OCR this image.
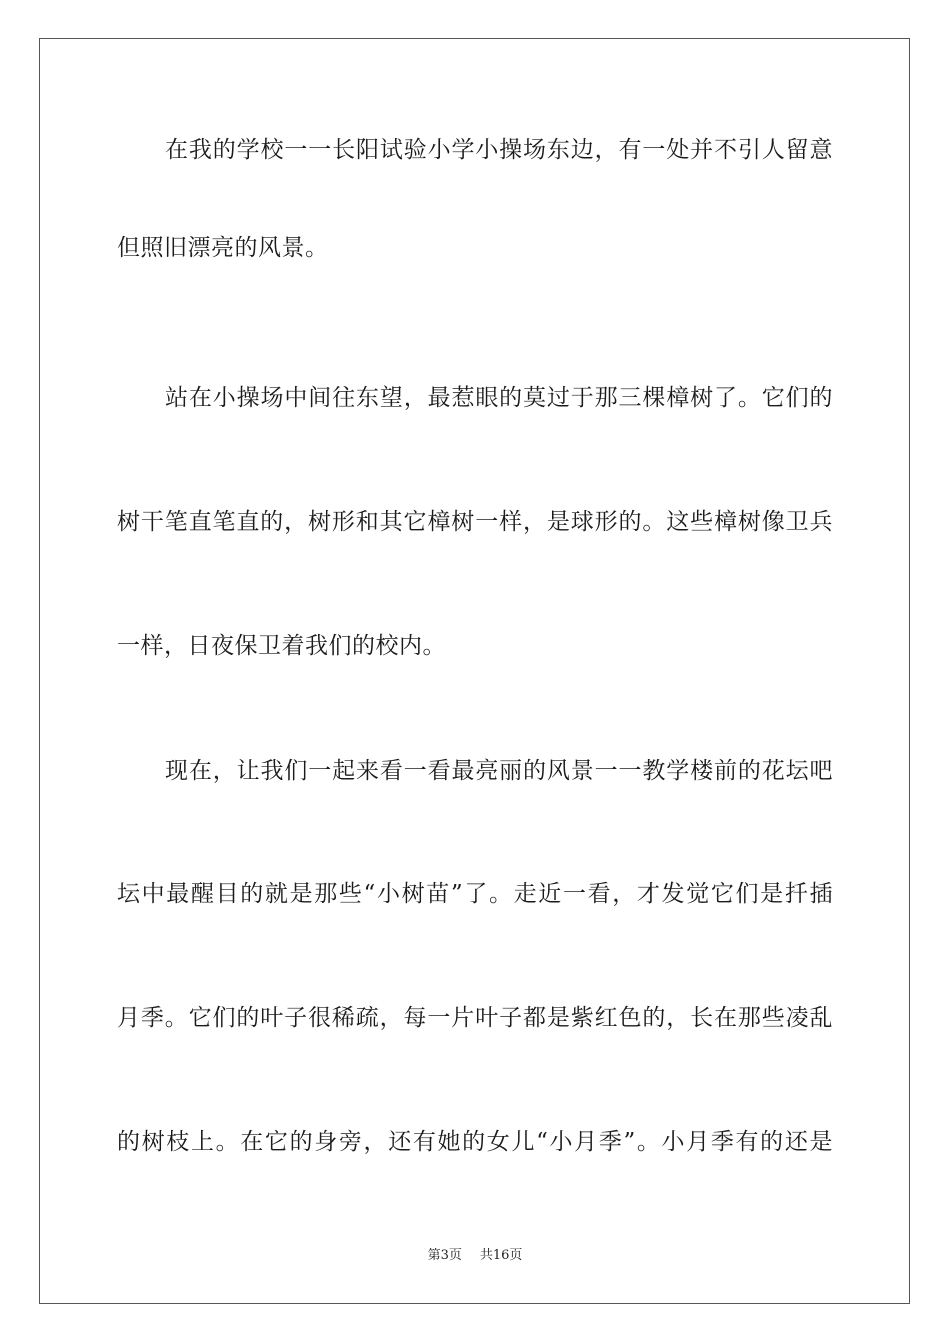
在我的学校一一长阳试验小学小操场东边，有一处并不引人留意
但照旧漂亮的风景。
站在小操场中间往东望，最惹眼的莫过于那三棵樟树了。它们的
树干笔直笔直的，树形和其它樟树一样，是球形的。这些樟树像卫兵
一样，日夜保卫着我们的校内。
现在，让我们一起来看一看最亮丽的风景一一教学楼前的花坛吧
坛中最醒目的就是那些“小树苗”了。走近一看，才发觉它们是扦插
月季。它们的叶子很稀疏，每一片叶子都是紫红色的，长在那些凌乱
的树枝上。在它的身旁，还有她的女儿“小月季”。小月季有的还是
第3页 共16页
